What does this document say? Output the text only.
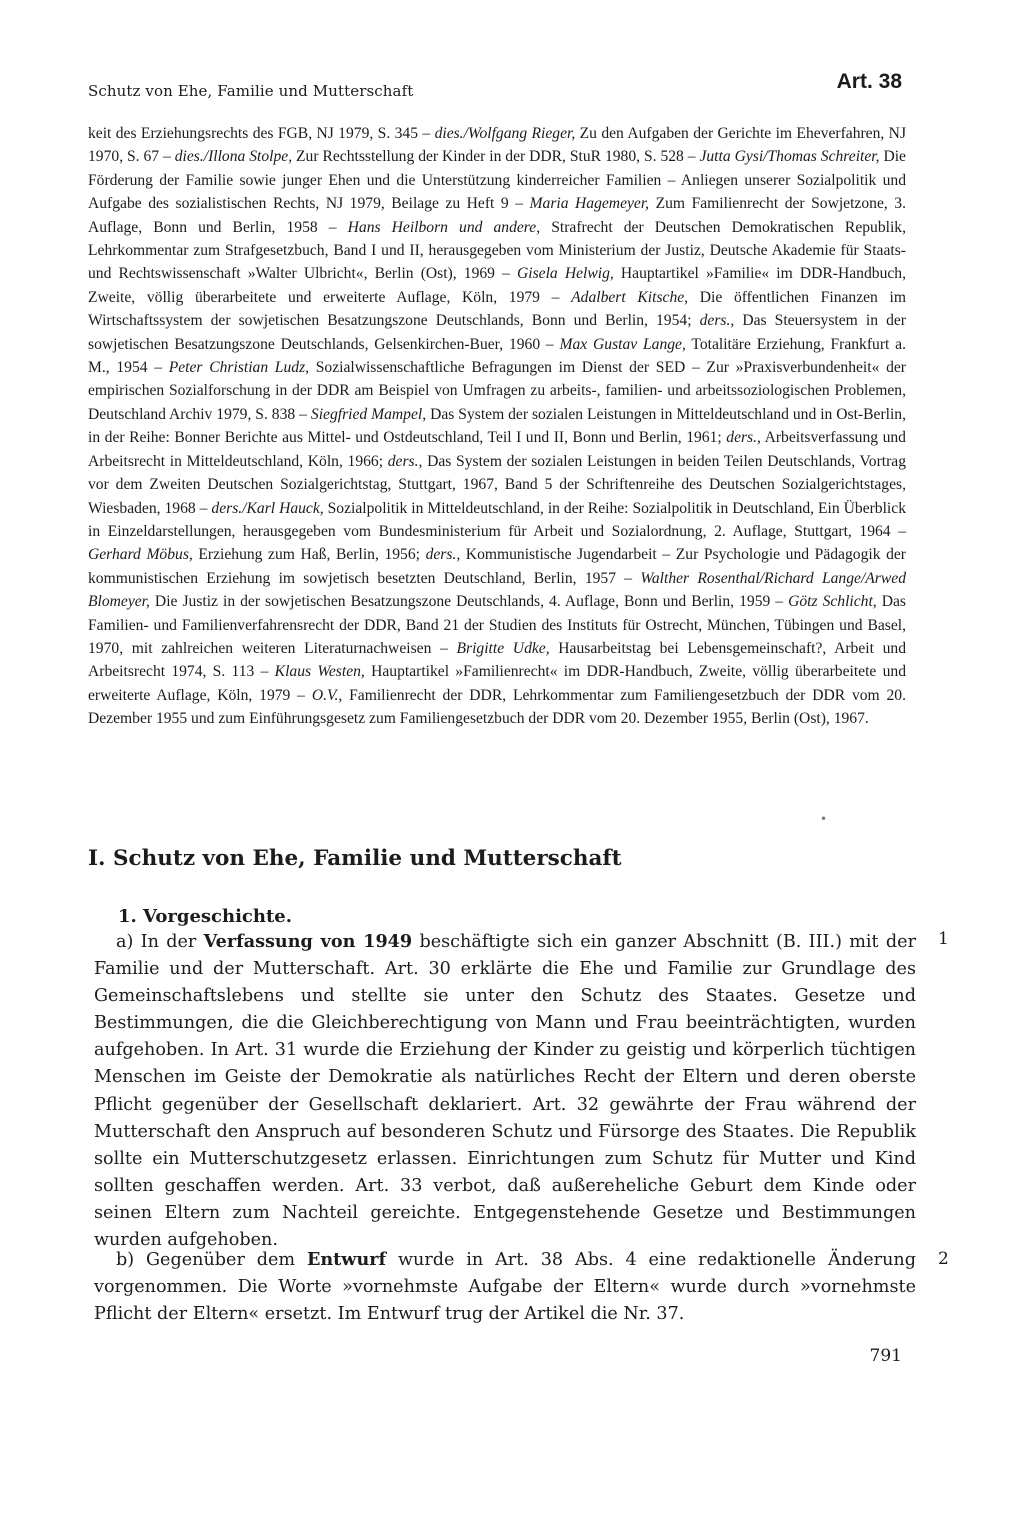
Schutz von Ehe, Familie und Mutterschaft	Art. 38
keit des Erziehungsrechts des FGB, NJ 1979, S. 345 – dies./Wolfgang Rieger, Zu den Aufgaben der Gerichte im Eheverfahren, NJ 1970, S. 67 – dies./Illona Stolpe, Zur Rechtsstellung der Kinder in der DDR, StuR 1980, S. 528 – Jutta Gysi/Thomas Schreiter, Die Förderung der Familie sowie junger Ehen und die Unterstützung kinderreicher Familien – Anliegen unserer Sozialpolitik und Aufgabe des sozialistischen Rechts, NJ 1979, Beilage zu Heft 9 – Maria Hagemeyer, Zum Familienrecht der Sowjetzone, 3. Auflage, Bonn und Berlin, 1958 – Hans Heilborn und andere, Strafrecht der Deutschen Demokratischen Republik, Lehrkommentar zum Strafgesetzbuch, Band I und II, herausgegeben vom Ministerium der Justiz, Deutsche Akademie für Staats- und Rechtswissenschaft »Walter Ulbricht«, Berlin (Ost), 1969 – Gisela Helwig, Hauptartikel »Familie« im DDR-Handbuch, Zweite, völlig überarbeitete und erweiterte Auflage, Köln, 1979 – Adalbert Kitsche, Die öffentlichen Finanzen im Wirtschaftssystem der sowjetischen Besatzungszone Deutschlands, Bonn und Berlin, 1954; ders., Das Steuersystem in der sowjetischen Besatzungszone Deutschlands, Gelsenkirchen-Buer, 1960 – Max Gustav Lange, Totalitäre Erziehung, Frankfurt a. M., 1954 – Peter Christian Ludz, Sozialwissenschaftliche Befragungen im Dienst der SED – Zur »Praxisverbundenheit« der empirischen Sozialforschung in der DDR am Beispiel von Umfragen zu arbeits-, familien- und arbeitssoziologischen Problemen, Deutschland Archiv 1979, S. 838 – Siegfried Mampel, Das System der sozialen Leistungen in Mitteldeutschland und in Ost-Berlin, in der Reihe: Bonner Berichte aus Mittel- und Ostdeutschland, Teil I und II, Bonn und Berlin, 1961; ders., Arbeitsverfassung und Arbeitsrecht in Mitteldeutschland, Köln, 1966; ders., Das System der sozialen Leistungen in beiden Teilen Deutschlands, Vortrag vor dem Zweiten Deutschen Sozialgerichtstag, Stuttgart, 1967, Band 5 der Schriftenreihe des Deutschen Sozialgerichtstages, Wiesbaden, 1968 – ders./Karl Hauck, Sozialpolitik in Mitteldeutschland, in der Reihe: Sozialpolitik in Deutschland, Ein Überblick in Einzeldarstellungen, herausgegeben vom Bundesministerium für Arbeit und Sozialordnung, 2. Auflage, Stuttgart, 1964 – Gerhard Möbus, Erziehung zum Haß, Berlin, 1956; ders., Kommunistische Jugendarbeit – Zur Psychologie und Pädagogik der kommunistischen Erziehung im sowjetisch besetzten Deutschland, Berlin, 1957 – Walther Rosenthal/Richard Lange/Arwed Blomeyer, Die Justiz in der sowjetischen Besatzungszone Deutschlands, 4. Auflage, Bonn und Berlin, 1959 – Götz Schlicht, Das Familien- und Familienverfahrensrecht der DDR, Band 21 der Studien des Instituts für Ostrecht, München, Tübingen und Basel, 1970, mit zahlreichen weiteren Literaturnachweisen – Brigitte Udke, Hausarbeitstag bei Lebensgemeinschaft?, Arbeit und Arbeitsrecht 1974, S. 113 – Klaus Westen, Hauptartikel »Familienrecht« im DDR-Handbuch, Zweite, völlig überarbeitete und erweiterte Auflage, Köln, 1979 – O.V., Familienrecht der DDR, Lehrkommentar zum Familiengesetzbuch der DDR vom 20. Dezember 1955 und zum Einführungsgesetz zum Familiengesetzbuch der DDR vom 20. Dezember 1955, Berlin (Ost), 1967.
•
I. Schutz von Ehe, Familie und Mutterschaft
1. Vorgeschichte.

a) In der Verfassung von 1949 beschäftigte sich ein ganzer Abschnitt (B. III.) mit der Familie und der Mutterschaft. Art. 30 erklärte die Ehe und Familie zur Grundlage des Gemeinschaftslebens und stellte sie unter den Schutz des Staates. Gesetze und Bestimmungen, die die Gleichberechtigung von Mann und Frau beeinträchtigten, wurden aufgehoben. In Art. 31 wurde die Erziehung der Kinder zu geistig und körperlich tüchtigen Menschen im Geiste der Demokratie als natürliches Recht der Eltern und deren oberste Pflicht gegenüber der Gesellschaft deklariert. Art. 32 gewährte der Frau während der Mutterschaft den Anspruch auf besonderen Schutz und Fürsorge des Staates. Die Republik sollte ein Mutterschutzgesetz erlassen. Einrichtungen zum Schutz für Mutter und Kind sollten geschaffen werden. Art. 33 verbot, daß außereheliche Geburt dem Kinde oder seinen Eltern zum Nachteil gereichte. Entgegenstehende Gesetze und Bestimmungen wurden aufgehoben.

1

b) Gegenüber dem Entwurf wurde in Art. 38 Abs. 4 eine redaktionelle Änderung vorgenommen. Die Worte »vornehmste Aufgabe der Eltern« wurde durch »vornehmste Pflicht der Eltern« ersetzt. Im Entwurf trug der Artikel die Nr. 37.

2
791
